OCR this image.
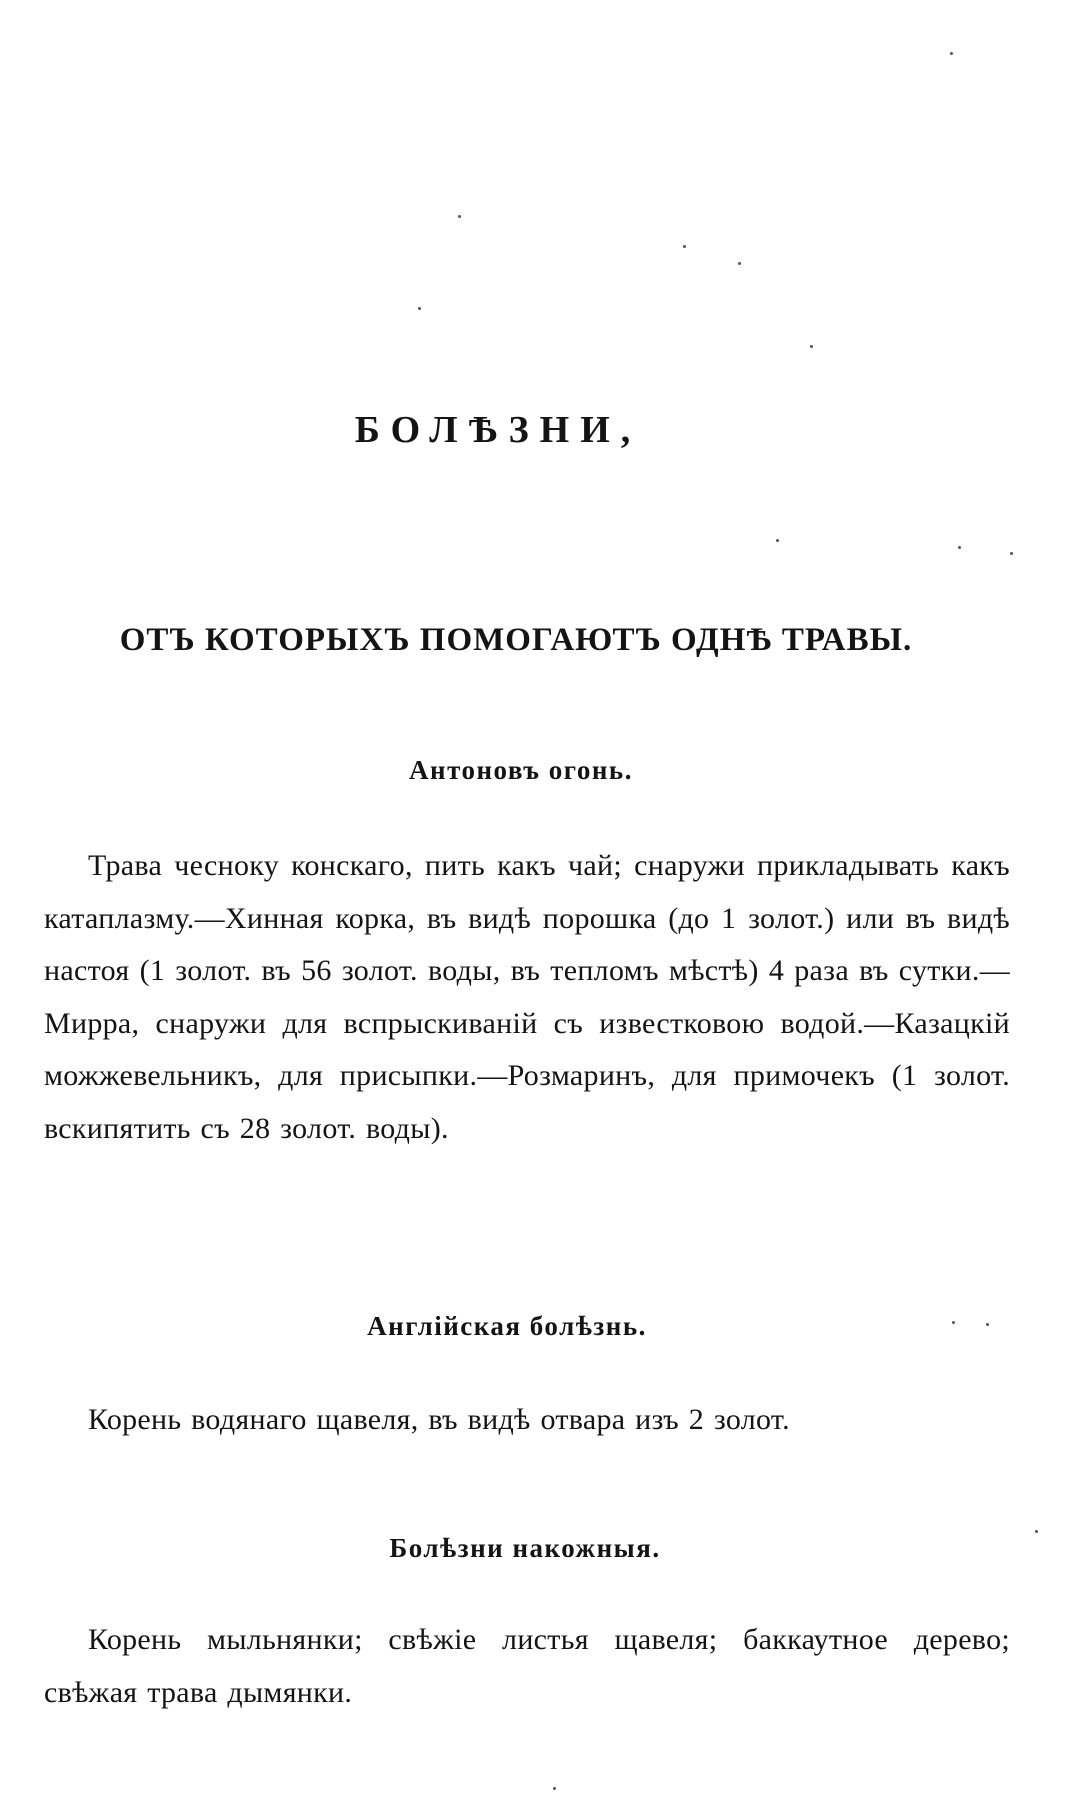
БОЛѢЗНИ,
ОТЪ КОТОРЫХЪ ПОМОГАЮТЪ ОДНѢ ТРАВЫ.
Антоновъ огонь.
Трава чесноку конскаго, пить какъ чай; снаружи прикладывать какъ катаплазму.—Хинная корка, въ видѣ порошка (до 1 золот.) или въ видѣ настоя (1 золот. въ 56 золот. воды, въ тепломъ мѣстѣ) 4 раза въ сутки.—Мирра, снаружи для вспрыскиваній съ известковою водой.—Казацкій можжевельникъ, для присыпки.—Розмаринъ, для примочекъ (1 золот. вскипятить съ 28 золот. воды).
Англійская болѣзнь.
Корень водянаго щавеля, въ видѣ отвара изъ 2 золот.
Болѣзни накожныя.
Корень мыльнянки; свѣжіе листья щавеля; баккаутное дерево; свѣжая трава дымянки.
